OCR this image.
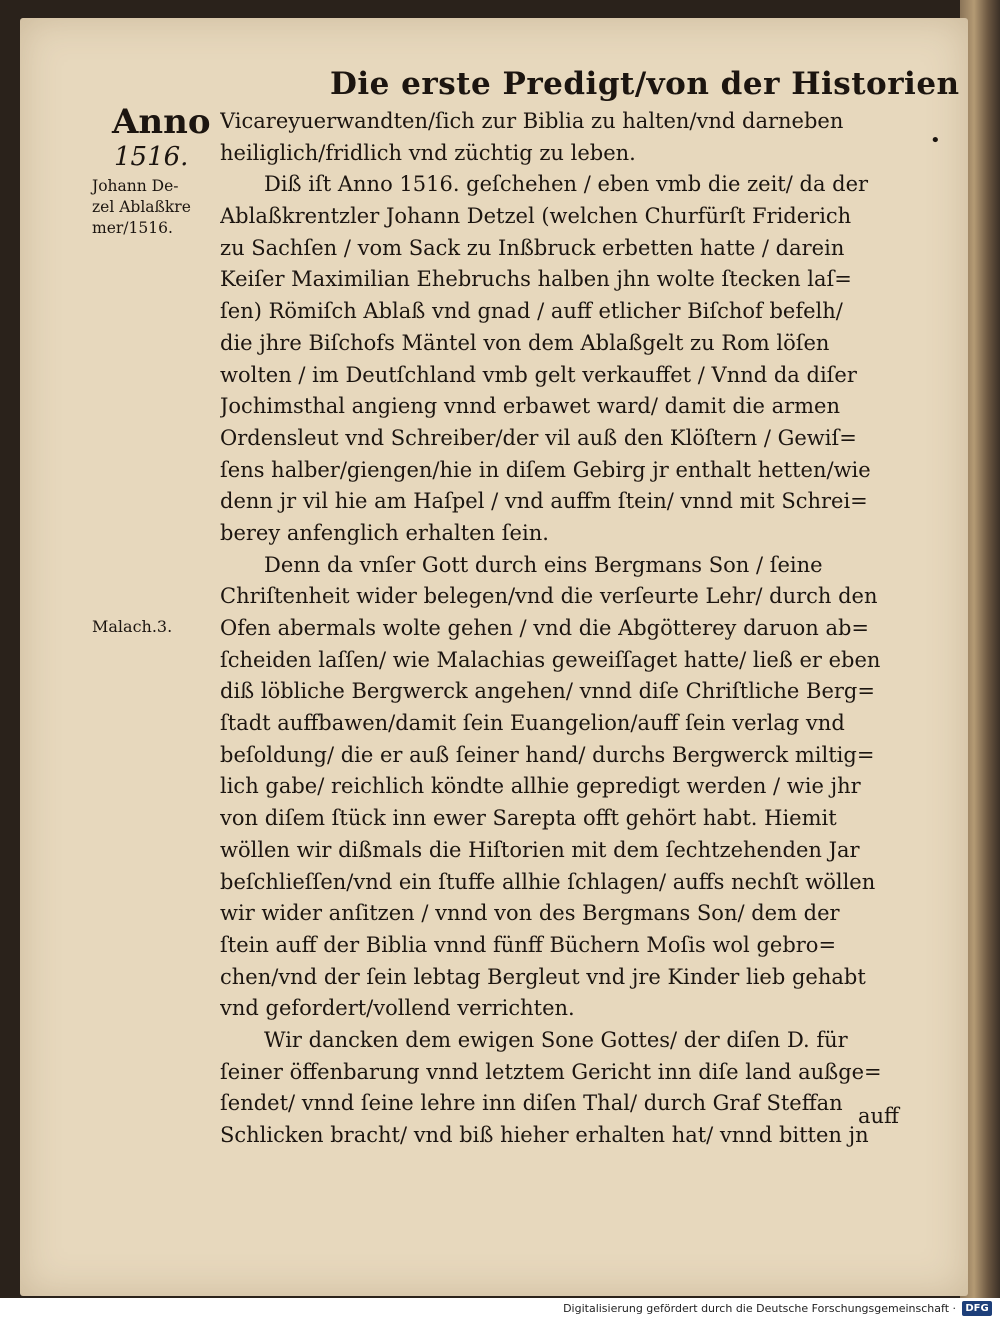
Die erste Predigt/von der Historien
Anno
1516.
Johann De‑
zel Ablaßkre
mer/1516.
Malach.3.
•
Vicareyuerwandten/ſich zur Biblia zu halten/vnd darneben
heiliglich/fridlich vnd züchtig zu leben.
Diß iſt Anno 1516. geſchehen / eben vmb die zeit/ da der
Ablaßkrentzler Johann Detzel (welchen Churfürſt Friderich
zu Sachſen / vom Sack zu Inßbruck erbetten hatte / darein
Keiſer Maximilian Ehebruchs halben jhn wolte ſtecken laſ=
ſen) Römiſch Ablaß vnd gnad / auff etlicher Biſchof befelh/
die jhre Biſchofs Mäntel von dem Ablaßgelt zu Rom löſen
wolten / im Deutſchland vmb gelt verkauffet / Vnnd da diſer
Jochimsthal angieng vnnd erbawet ward/ damit die armen
Ordensleut vnd Schreiber/der vil auß den Klöſtern / Gewiſ=
ſens halber/giengen/hie in diſem Gebirg jr enthalt hetten/wie
denn jr vil hie am Haſpel / vnd auffm ſtein/ vnnd mit Schrei=
berey anfenglich erhalten ſein.
Denn da vnſer Gott durch eins Bergmans Son / ſeine
Chriſtenheit wider belegen/vnd die verſeurte Lehr/ durch den
Ofen abermals wolte gehen / vnd die Abgötterey daruon ab=
ſcheiden laſſen/ wie Malachias geweiſſaget hatte/ ließ er eben
diß löbliche Bergwerck angehen/ vnnd diſe Chriſtliche Berg=
ſtadt auffbawen/damit ſein Euangelion/auff ſein verlag vnd
beſoldung/ die er auß ſeiner hand/ durchs Bergwerck miltig=
lich gabe/ reichlich köndte allhie gepredigt werden / wie jhr
von diſem ſtück inn ewer Sarepta offt gehört habt. Hiemit
wöllen wir dißmals die Hiſtorien mit dem ſechtzehenden Jar
beſchlieſſen/vnd ein ſtuffe allhie ſchlagen/ auffs nechſt wöllen
wir wider anſitzen / vnnd von des Bergmans Son/ dem der
ſtein auff der Biblia vnnd fünff Büchern Moſis wol gebro=
chen/vnd der ſein lebtag Bergleut vnd jre Kinder lieb gehabt
vnd gefordert/vollend verrichten.
Wir dancken dem ewigen Sone Gottes/ der diſen D. für
ſeiner öffenbarung vnnd letztem Gericht inn diſe land außge=
ſendet/ vnnd ſeine lehre inn diſen Thal/ durch Graf Steffan
Schlicken bracht/ vnd biß hieher erhalten hat/ vnnd bitten jn
auff
Digitalisierung gefördert durch die Deutsche Forschungsgemeinschaft · DFG
